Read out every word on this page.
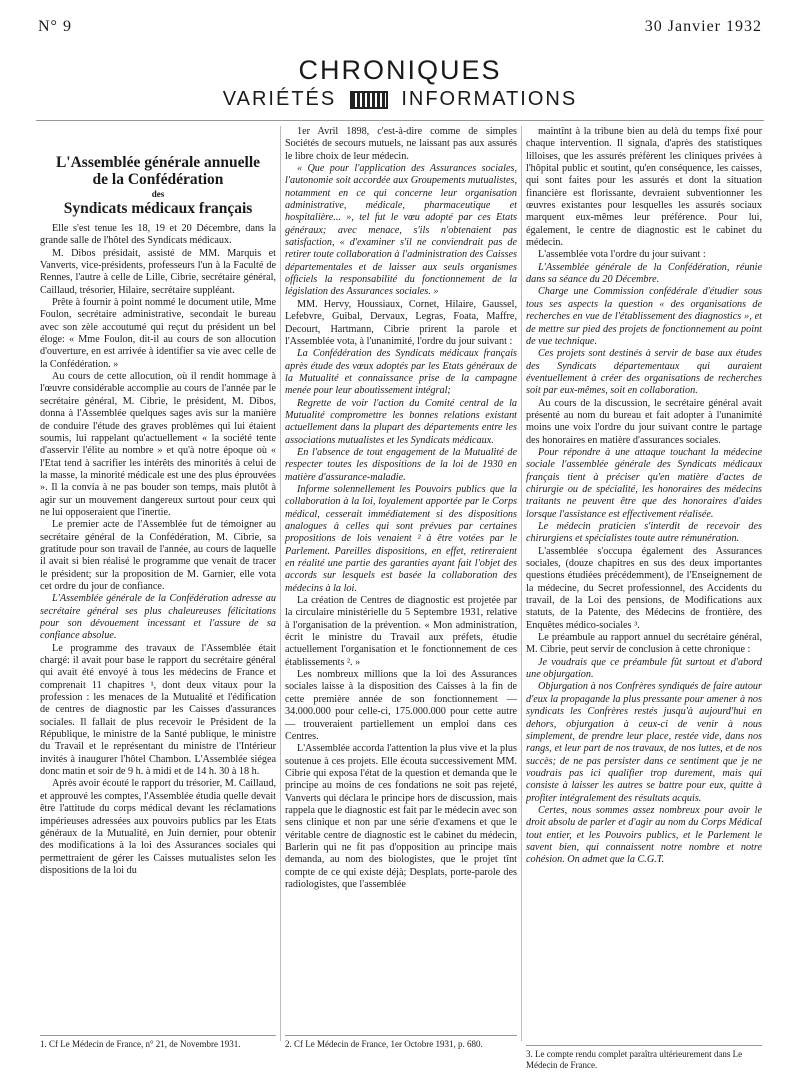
N° 9	30 Janvier 1932
CHRONIQUES
VARIÉTÉS	INFORMATIONS
L'Assemblée générale annuelle
de la Confédération
des
Syndicats médicaux français

Elle s'est tenue les 18, 19 et 20 Décembre, dans la grande salle de l'hôtel des Syndicats médicaux.

M. Dibos présidait, assisté de MM. Marquis et Vanverts, vice-présidents, professeurs l'un à la Faculté de Rennes, l'autre à celle de Lille, Cibrie, secrétaire général, Caillaud, trésorier, Hilaire, secrétaire suppléant.

Prête à fournir à point nommé le document utile, Mme Foulon, secrétaire administrative, secondait le bureau avec son zèle accoutumé qui reçut du président un bel éloge: « Mme Foulon, dit-il au cours de son allocution d'ouverture, en est arrivée à identifier sa vie avec celle de la Confédération. »

Au cours de cette allocution, où il rendit hommage à l'œuvre considérable accomplie au cours de l'année par le secrétaire général, M. Cibrie, le président, M. Dibos, donna à l'Assemblée quelques sages avis sur la manière de conduire l'étude des graves problèmes qui lui étaient soumis, lui rappelant qu'actuellement « la société tente d'asservir l'élite au nombre » et qu'à notre époque où « l'Etat tend à sacrifier les intérêts des minorités à celui de la masse, la minorité médicale est une des plus éprouvées ». Il la convia à ne pas bouder son temps, mais plutôt à agir sur un mouvement dangereux surtout pour ceux qui ne lui opposeraient que l'inertie.

Le premier acte de l'Assemblée fut de témoigner au secrétaire général de la Confédération, M. Cibrie, sa gratitude pour son travail de l'année, au cours de laquelle il avait si bien réalisé le programme que venait de tracer le président; sur la proposition de M. Garnier, elle vota cet ordre du jour de confiance.

L'Assemblée générale de la Confédération adresse au secrétaire général ses plus chaleureuses félicitations pour son dévouement incessant et l'assure de sa confiance absolue.

Le programme des travaux de l'Assemblée était chargé: il avait pour base le rapport du secrétaire général qui avait été envoyé à tous les médecins de France et comprenait 11 chapitres ¹, dont deux vitaux pour la profession : les menaces de la Mutualité et l'édification de centres de diagnostic par les Caisses d'assurances sociales. Il fallait de plus recevoir le Président de la République, le ministre de la Santé publique, le ministre du Travail et le représentant du ministre de l'Intérieur invités à inaugurer l'hôtel Chambon. L'Assemblée siégea donc matin et soir de 9 h. à midi et de 14 h. 30 à 18 h.

Après avoir écouté le rapport du trésorier, M. Caillaud, et approuvé les comptes, l'Assemblée étudia quelle devait être l'attitude du corps médical devant les réclamations impérieuses adressées aux pouvoirs publics par les Etats généraux de la Mutualité, en Juin dernier, pour obtenir des modifications à la loi des Assurances sociales qui permettraient de gérer les Caisses mutualistes selon les dispositions de la loi du

1er Avril 1898, c'est-à-dire comme de simples Sociétés de secours mutuels, ne laissant pas aux assurés le libre choix de leur médecin.

« Que pour l'application des Assurances sociales, l'autonomie soit accordée aux Groupements mutualistes, notamment en ce qui concerne leur organisation administrative, médicale, pharmaceutique et hospitalière... », tel fut le vœu adopté par ces Etats généraux; avec menace, s'ils n'obtenaient pas satisfaction, « d'examiner s'il ne conviendrait pas de retirer toute collaboration à l'administration des Caisses départementales et de laisser aux seuls organismes officiels la responsabilité du fonctionnement de la législation des Assurances sociales. »

MM. Hervy, Houssiaux, Cornet, Hilaire, Gaussel, Lefebvre, Guibal, Dervaux, Legras, Foata, Maffre, Decourt, Hartmann, Cibrie prirent la parole et l'Assemblée vota, à l'unanimité, l'ordre du jour suivant :

La Confédération des Syndicats médicaux français après étude des vœux adoptés par les Etats généraux de la Mutualité et connaissance prise de la campagne menée pour leur aboutissement intégral;

Regrette de voir l'action du Comité central de la Mutualité compromettre les bonnes relations existant actuellement dans la plupart des départements entre les associations mutualistes et les Syndicats médicaux.

En l'absence de tout engagement de la Mutualité de respecter toutes les dispositions de la loi de 1930 en matière d'assurance-maladie.

Informe solennellement les Pouvoirs publics que la collaboration à la loi, loyalement apportée par le Corps médical, cesserait immédiatement si des dispositions analogues à celles qui sont prévues par certaines propositions de lois venaient ² à être votées par le Parlement. Pareilles dispositions, en effet, retireraient en réalité une partie des garanties ayant fait l'objet des accords sur lesquels est basée la collaboration des médecins à la loi.

La création de Centres de diagnostic est projetée par la circulaire ministérielle du 5 Septembre 1931, relative à l'organisation de la prévention. « Mon administration, écrit le ministre du Travail aux préfets, étudie actuellement l'organisation et le fonctionnement de ces établissements ². »

Les nombreux millions que la loi des Assurances sociales laisse à la disposition des Caisses à la fin de cette première année de son fonctionnement — 34.000.000 pour celle-ci, 175.000.000 pour cette autre — trouveraient partiellement un emploi dans ces Centres.

L'Assemblée accorda l'attention la plus vive et la plus soutenue à ces projets. Elle écouta successivement MM. Cibrie qui exposa l'état de la question et demanda que le principe au moins de ces fondations ne soit pas rejeté, Vanverts qui déclara le principe hors de discussion, mais rappela que le diagnostic est fait par le médecin avec son sens clinique et non par une série d'examens et que le véritable centre de diagnostic est le cabinet du médecin, Barlerin qui ne fit pas d'opposition au principe mais demanda, au nom des biologistes, que le projet tînt compte de ce qui existe déjà; Desplats, porte-parole des radiologistes, que l'assemblée

maintînt à la tribune bien au delà du temps fixé pour chaque intervention. Il signala, d'après des statistiques lilloises, que les assurés préfèrent les cliniques privées à l'hôpital public et soutint, qu'en conséquence, les caisses, qui sont faites pour les assurés et dont la situation financière est florissante, devraient subventionner les œuvres existantes pour lesquelles les assurés sociaux marquent eux-mêmes leur préférence. Pour lui, également, le centre de diagnostic est le cabinet du médecin.

L'assemblée vota l'ordre du jour suivant :

L'Assemblée générale de la Confédération, réunie dans sa séance du 20 Décembre.

Charge une Commission confédérale d'étudier sous tous ses aspects la question « des organisations de recherches en vue de l'établissement des diagnostics », et de mettre sur pied des projets de fonctionnement au point de vue technique.

Ces projets sont destinés à servir de base aux études des Syndicats départementaux qui auraient éventuellement à créer des organisations de recherches soit par eux-mêmes, soit en collaboration.

Au cours de la discussion, le secrétaire général avait présenté au nom du bureau et fait adopter à l'unanimité moins une voix l'ordre du jour suivant contre le partage des honoraires en matière d'assurances sociales.

Pour répondre à une attaque touchant la médecine sociale l'assemblée générale des Syndicats médicaux français tient à préciser qu'en matière d'actes de chirurgie ou de spécialité, les honoraires des médecins traitants ne peuvent être que des honoraires d'aides lorsque l'assistance est effectivement réalisée.

Le médecin praticien s'interdit de recevoir des chirurgiens et spécialistes toute autre rémunération.

L'assemblée s'occupa également des Assurances sociales, (douze chapitres en sus des deux importantes questions étudiées précédemment), de l'Enseignement de la médecine, du Secret professionnel, des Accidents du travail, de la Loi des pensions, de Modifications aux statuts, de la Patente, des Médecins de frontière, des Enquêtes médico-sociales ³.

Le préambule au rapport annuel du secrétaire général, M. Cibrie, peut servir de conclusion à cette chronique :

Je voudrais que ce préambule fût surtout et d'abord une objurgation.

Objurgation à nos Confrères syndiqués de faire autour d'eux la propagande la plus pressante pour amener à nos syndicats les Confrères restés jusqu'à aujourd'hui en dehors, objurgation à ceux-ci de venir à nous simplement, de prendre leur place, restée vide, dans nos rangs, et leur part de nos travaux, de nos luttes, et de nos succès; de ne pas persister dans ce sentiment que je ne voudrais pas ici qualifier trop durement, mais qui consiste à laisser les autres se battre pour eux, quitte à profiter intégralement des résultats acquis.

Certes, nous sommes assez nombreux pour avoir le droit absolu de parler et d'agir au nom du Corps Médical tout entier, et les Pouvoirs publics, et le Parlement le savent bien, qui connaissent notre nombre et notre cohésion. On admet que la C.G.T.

1. Cf Le Médecin de France, n° 21, de Novembre 1931.	2. Cf Le Médecin de France, 1er Octobre 1931, p. 680.
3. Le compte rendu complet paraîtra ultérieurement dans Le Médecin de France.
